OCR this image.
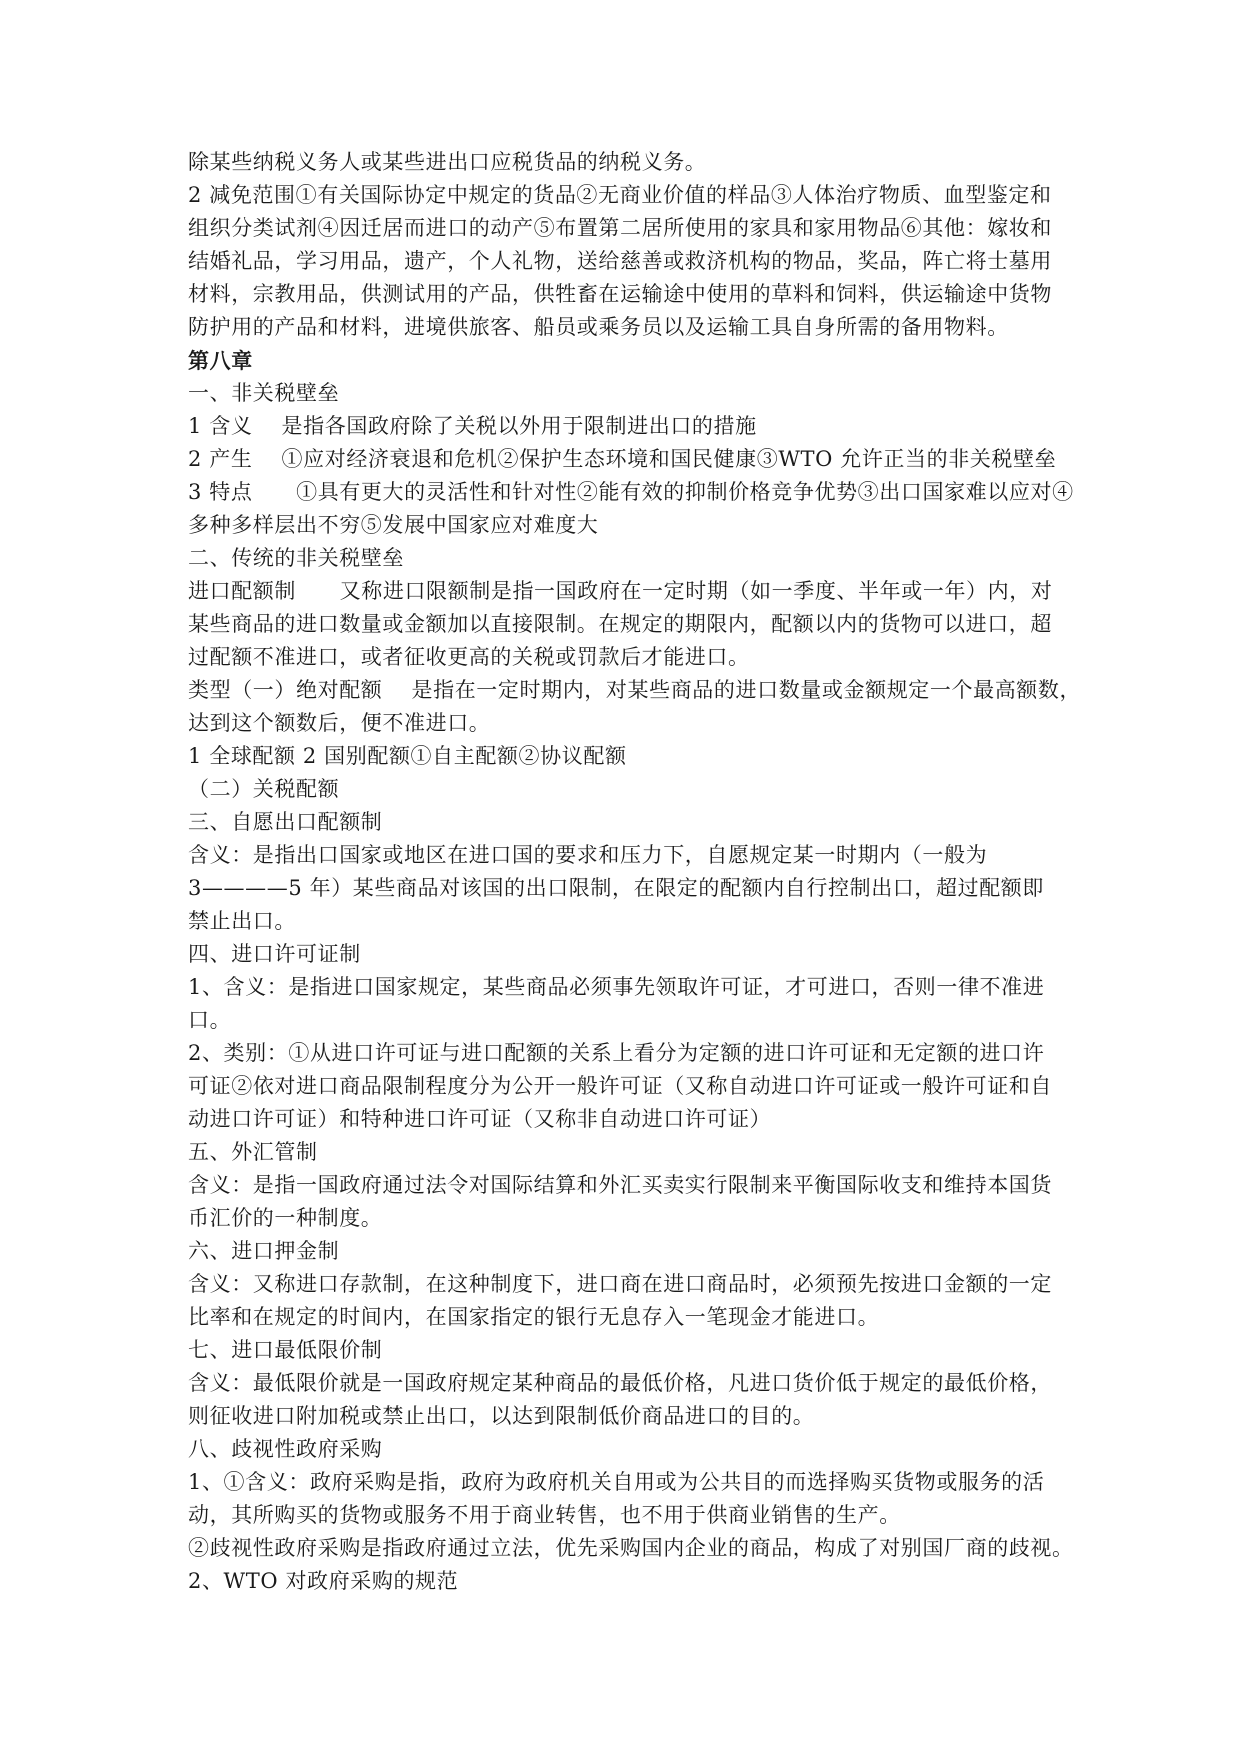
除某些纳税义务人或某些进出口应税货品的纳税义务。
2 减免范围①有关国际协定中规定的货品②无商业价值的样品③人体治疗物质、血型鉴定和
组织分类试剂④因迁居而进口的动产⑤布置第二居所使用的家具和家用物品⑥其他：嫁妆和
结婚礼品，学习用品，遗产，个人礼物，送给慈善或救济机构的物品，奖品，阵亡将士墓用
材料，宗教用品，供测试用的产品，供牲畜在运输途中使用的草料和饲料，供运输途中货物
防护用的产品和材料，进境供旅客、船员或乘务员以及运输工具自身所需的备用物料。
第八章
一、非关税壁垒
1 含义    是指各国政府除了关税以外用于限制进出口的措施
2 产生    ①应对经济衰退和危机②保护生态环境和国民健康③WTO 允许正当的非关税壁垒
3 特点      ①具有更大的灵活性和针对性②能有效的抑制价格竞争优势③出口国家难以应对④
多种多样层出不穷⑤发展中国家应对难度大
二、传统的非关税壁垒
进口配额制      又称进口限额制是指一国政府在一定时期（如一季度、半年或一年）内，对
某些商品的进口数量或金额加以直接限制。在规定的期限内，配额以内的货物可以进口，超
过配额不准进口，或者征收更高的关税或罚款后才能进口。
类型（一）绝对配额    是指在一定时期内，对某些商品的进口数量或金额规定一个最高额数，
达到这个额数后，便不准进口。
1 全球配额 2 国别配额①自主配额②协议配额
（二）关税配额
三、自愿出口配额制
含义：是指出口国家或地区在进口国的要求和压力下，自愿规定某一时期内（一般为
3————5 年）某些商品对该国的出口限制，在限定的配额内自行控制出口，超过配额即
禁止出口。
四、进口许可证制
1、含义：是指进口国家规定，某些商品必须事先领取许可证，才可进口，否则一律不准进
口。
2、类别：①从进口许可证与进口配额的关系上看分为定额的进口许可证和无定额的进口许
可证②依对进口商品限制程度分为公开一般许可证（又称自动进口许可证或一般许可证和自
动进口许可证）和特种进口许可证（又称非自动进口许可证）
五、外汇管制
含义：是指一国政府通过法令对国际结算和外汇买卖实行限制来平衡国际收支和维持本国货
币汇价的一种制度。
六、进口押金制
含义：又称进口存款制，在这种制度下，进口商在进口商品时，必须预先按进口金额的一定
比率和在规定的时间内，在国家指定的银行无息存入一笔现金才能进口。
七、进口最低限价制
含义：最低限价就是一国政府规定某种商品的最低价格，凡进口货价低于规定的最低价格，
则征收进口附加税或禁止出口，以达到限制低价商品进口的目的。
八、歧视性政府采购
1、①含义：政府采购是指，政府为政府机关自用或为公共目的而选择购买货物或服务的活
动，其所购买的货物或服务不用于商业转售，也不用于供商业销售的生产。
②歧视性政府采购是指政府通过立法，优先采购国内企业的商品，构成了对别国厂商的歧视。
2、WTO 对政府采购的规范
